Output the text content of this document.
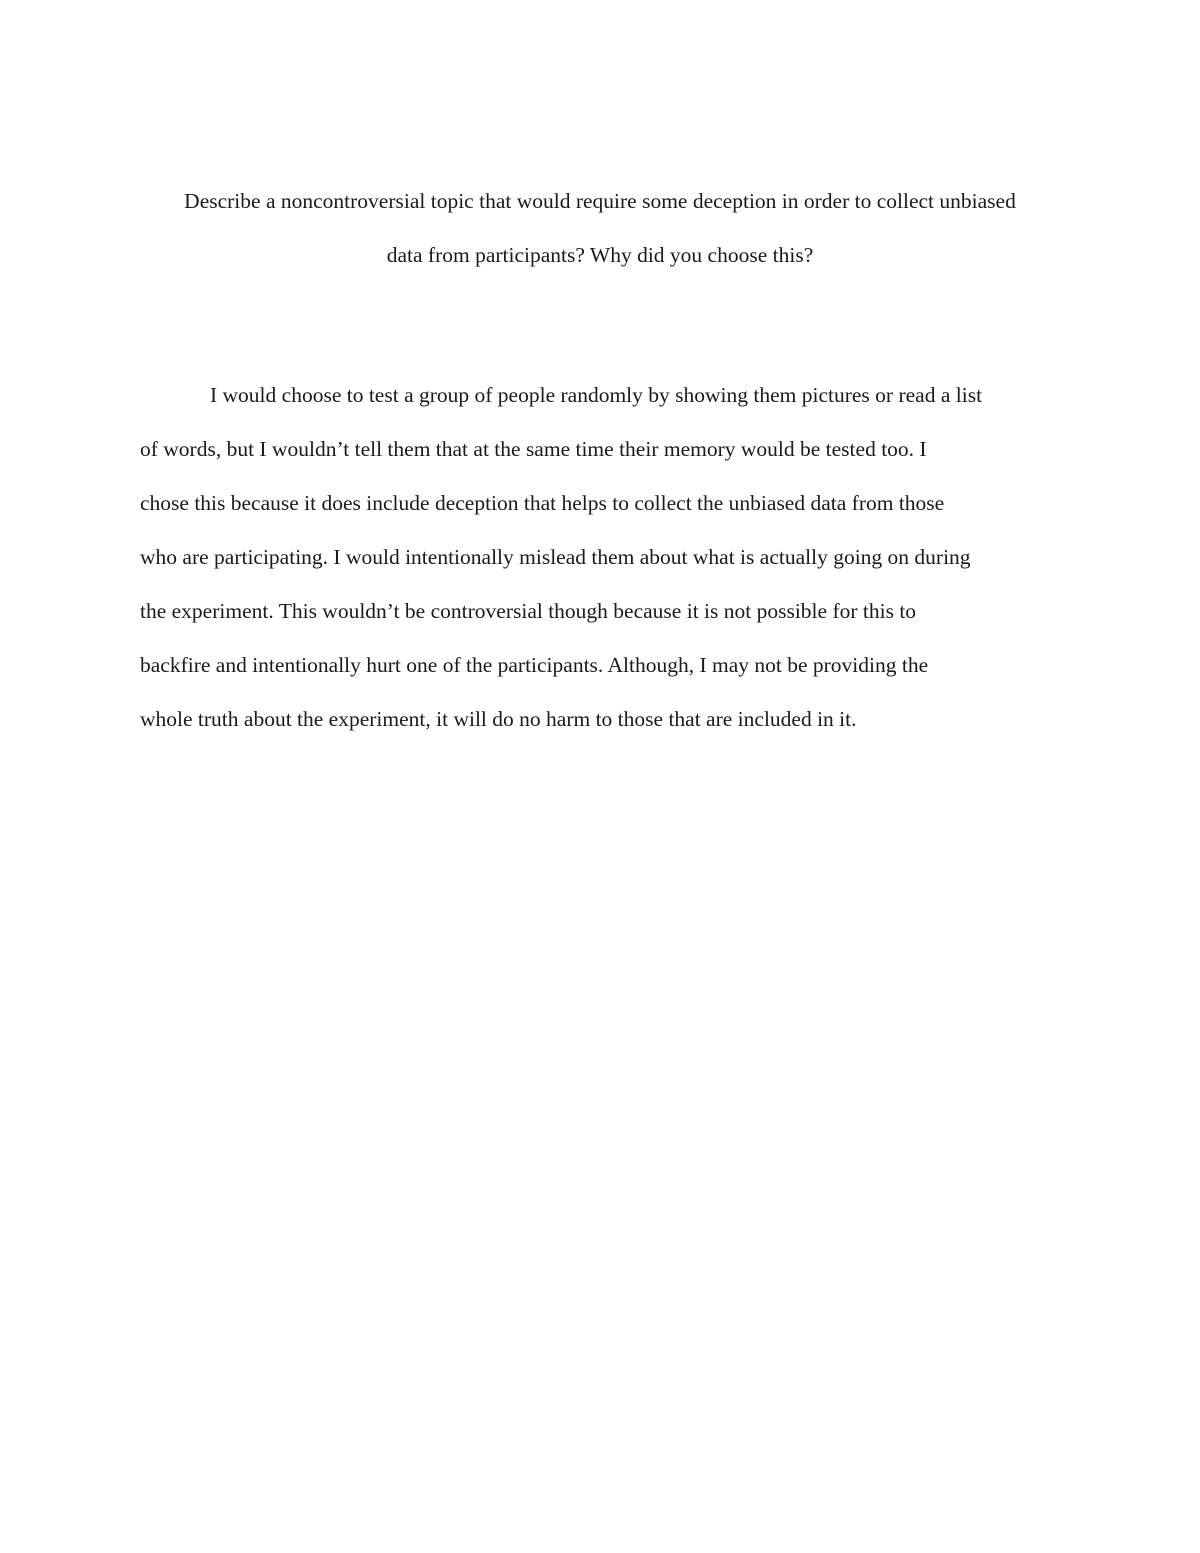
Describe a noncontroversial topic that would require some deception in order to collect unbiased
data from participants? Why did you choose this?

I would choose to test a group of people randomly by showing them pictures or read a list
of words, but I wouldn’t tell them that at the same time their memory would be tested too. I
chose this because it does include deception that helps to collect the unbiased data from those
who are participating. I would intentionally mislead them about what is actually going on during
the experiment. This wouldn’t be controversial though because it is not possible for this to
backfire and intentionally hurt one of the participants. Although, I may not be providing the
whole truth about the experiment, it will do no harm to those that are included in it.
